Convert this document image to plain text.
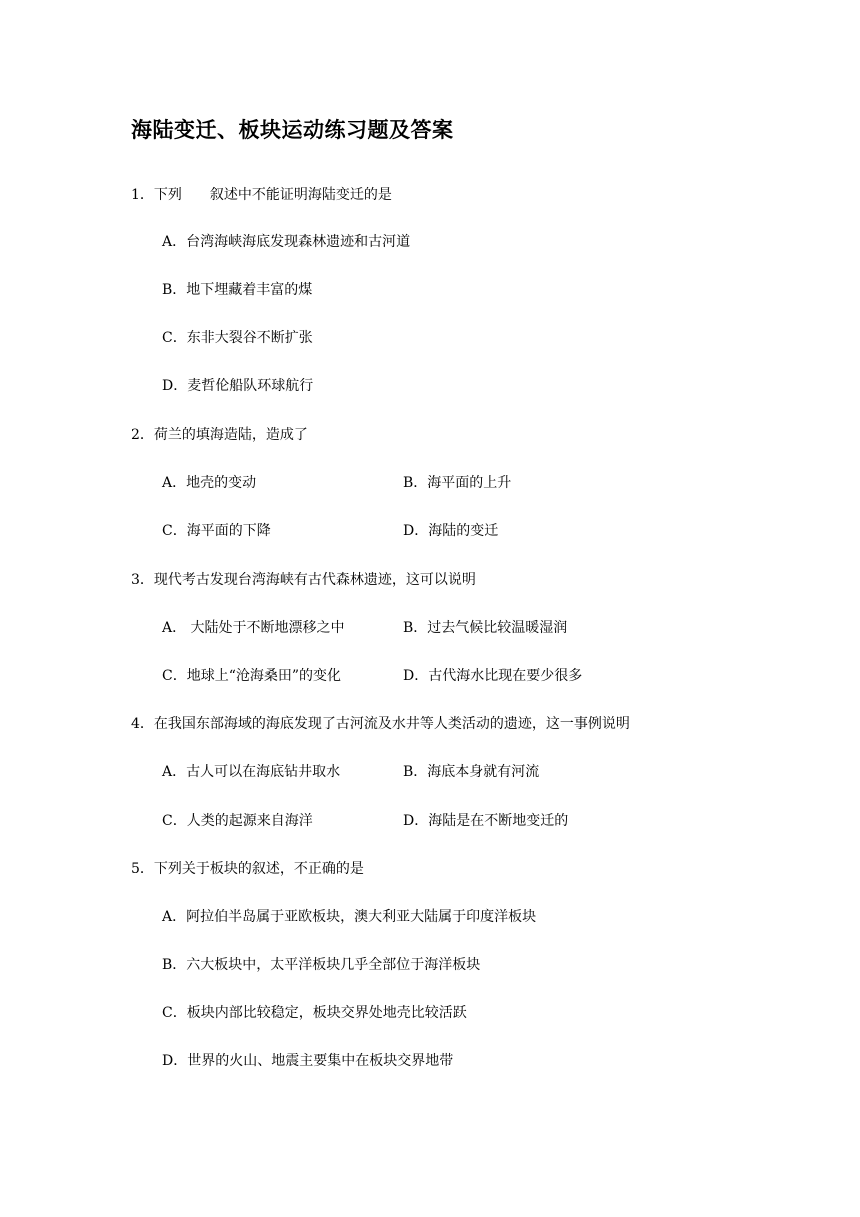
海陆变迁、板块运动练习题及答案
1．下列　　叙述中不能证明海陆变迁的是
A．台湾海峡海底发现森林遗迹和古河道
B．地下埋藏着丰富的煤
C．东非大裂谷不断扩张
D．麦哲伦船队环球航行
2．荷兰的填海造陆，造成了
A．地壳的变动	B．海平面的上升
C．海平面的下降	D．海陆的变迁
3．现代考古发现台湾海峡有古代森林遗迹，这可以说明
A． 大陆处于不断地漂移之中	B．过去气候比较温暖湿润
C．地球上“沧海桑田”的变化	D．古代海水比现在要少很多
4．在我国东部海域的海底发现了古河流及水井等人类活动的遗迹，这一事例说明
A．古人可以在海底钻井取水	B．海底本身就有河流
C．人类的起源来自海洋	D．海陆是在不断地变迁的
5．下列关于板块的叙述，不正确的是
A．阿拉伯半岛属于亚欧板块，澳大利亚大陆属于印度洋板块
B．六大板块中，太平洋板块几乎全部位于海洋板块
C．板块内部比较稳定，板块交界处地壳比较活跃
D．世界的火山、地震主要集中在板块交界地带
